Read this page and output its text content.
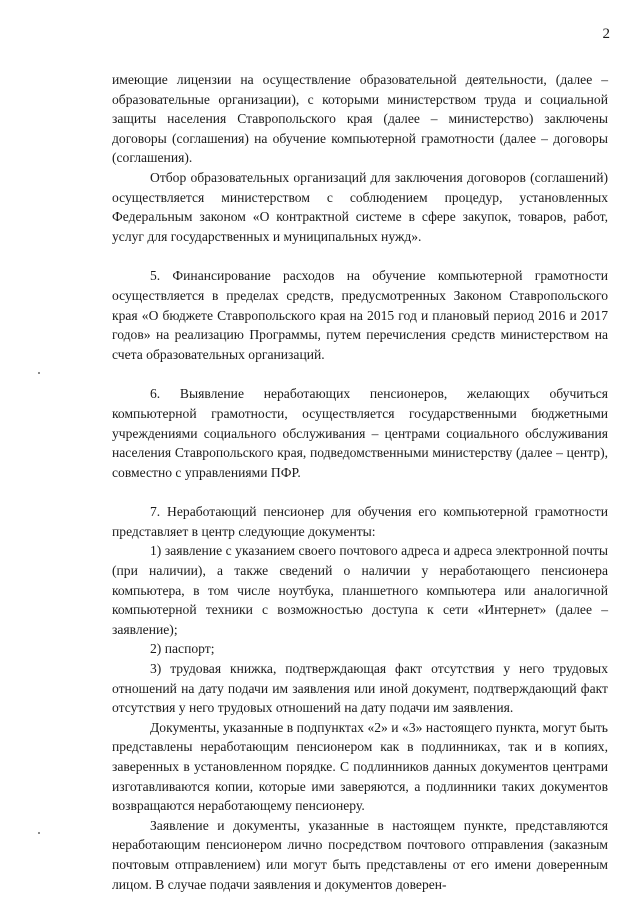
2

имеющие лицензии на осуществление образовательной деятельности, (далее – образовательные организации), с которыми министерством труда и социальной защиты населения Ставропольского края (далее – министерство) заключены договоры (соглашения) на обучение компьютерной грамотности (далее – договоры (соглашения).

Отбор образовательных организаций для заключения договоров (соглашений) осуществляется министерством с соблюдением процедур, установленных Федеральным законом «О контрактной системе в сфере закупок, товаров, работ, услуг для государственных и муниципальных нужд».

5. Финансирование расходов на обучение компьютерной грамотности осуществляется в пределах средств, предусмотренных Законом Ставропольского края «О бюджете Ставропольского края на 2015 год и плановый период 2016 и 2017 годов» на реализацию Программы, путем перечисления средств министерством на счета образовательных организаций.

6. Выявление неработающих пенсионеров, желающих обучиться компьютерной грамотности, осуществляется государственными бюджетными учреждениями социального обслуживания – центрами социального обслуживания населения Ставропольского края, подведомственными министерству (далее – центр), совместно с управлениями ПФР.

7. Неработающий пенсионер для обучения его компьютерной грамотности представляет в центр следующие документы:

1) заявление с указанием своего почтового адреса и адреса электронной почты (при наличии), а также сведений о наличии у неработающего пенсионера компьютера, в том числе ноутбука, планшетного компьютера или аналогичной компьютерной техники с возможностью доступа к сети «Интернет» (далее – заявление);

2) паспорт;

3) трудовая книжка, подтверждающая факт отсутствия у него трудовых отношений на дату подачи им заявления или иной документ, подтверждающий факт отсутствия у него трудовых отношений на дату подачи им заявления.

Документы, указанные в подпунктах «2» и «3» настоящего пункта, могут быть представлены неработающим пенсионером как в подлинниках, так и в копиях, заверенных в установленном порядке. С подлинников данных документов центрами изготавливаются копии, которые ими заверяются, а подлинники таких документов возвращаются неработающему пенсионеру.

Заявление и документы, указанные в настоящем пункте, представляются неработающим пенсионером лично посредством почтового отправления (заказным почтовым отправлением) или могут быть представлены от его имени доверенным лицом. В случае подачи заявления и документов доверен-
